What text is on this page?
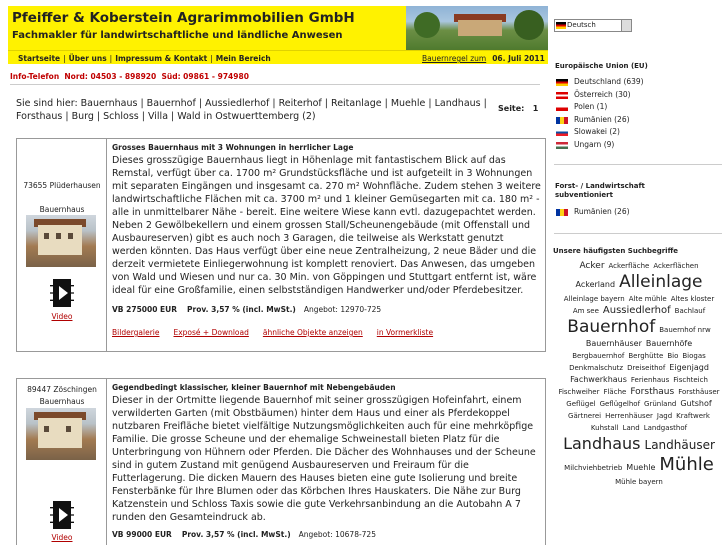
Pfeiffer & Koberstein Agrarimmobilien GmbH
Fachmakler für landwirtschaftliche und ländliche Anwesen
Startseite | Über uns | Impressum & Kontakt | Mein Bereich	Bauernregel zum 06. Juli 2011
Info-Telefon  Nord: 04503 - 898920  Süd: 09861 - 974980
Sie sind hier: Bauernhaus | Bauernhof | Aussiedlerhof | Reiterhof | Reitanlage | Muehle | Landhaus | Forsthaus | Burg | Schloss | Villa | Wald in Ostwuerttemberg (2)
Seite:   1
73655 Plüderhausen
Bauernhaus
Video
Grosses Bauernhaus mit 3 Wohnungen in herrlicher Lage
Dieses grosszügige Bauernhaus liegt in Höhenlage mit fantastischem Blick auf das Remstal, verfügt über ca. 1700 m² Grundstücksfläche und ist aufgeteilt in 3 Wohnungen mit separaten Eingängen und insgesamt ca. 270 m² Wohnfläche. Zudem stehen 3 weitere landwirtschaftliche Flächen mit ca. 3700 m² und 1 kleiner Gemüsegarten mit ca. 180 m² - alle in unmittelbarer Nähe - bereit. Eine weitere Wiese kann evtl. dazugepachtet werden. Neben 2 Gewölbekellern und einem grossen Stall/Scheunengebäude (mit Offenstall und Ausbaureserven) gibt es auch noch 3 Garagen, die teilweise als Werkstatt genutzt werden könnten. Das Haus verfügt über eine neue Zentralheizung, 2 neue Bäder und die derzeit vermietete Einliegerwohnung ist komplett renoviert. Das Anwesen, das umgeben von Wald und Wiesen und nur ca. 30 Min. von Göppingen und Stuttgart entfernt ist, wäre ideal für eine Großfamilie, einen selbstständigen Handwerker und/oder Pferdebesitzer.
VB 275000 EUR Prov. 3,57 % (incl. MwSt.) Angebot: 12970-725
Bildergalerie Exposé + Download ähnliche Objekte anzeigen in Vormerkliste
89447 Zöschingen
Bauernhaus
Video
Gegendbedingt klassischer, kleiner Bauernhof mit Nebengebäuden
Dieser in der Ortmitte liegende Bauernhof mit seiner grosszügigen Hofeinfahrt, einem verwilderten Garten (mit Obstbäumen) hinter dem Haus und einer als Pferdekoppel nutzbaren Freifläche bietet vielfältige Nutzungsmöglichkeiten auch für eine mehrköpfige Familie. Die grosse Scheune und der ehemalige Schweinestall bieten Platz für die Unterbringung von Hühnern oder Pferden. Die Dächer des Wohnhauses und der Scheune sind in gutem Zustand mit genügend Ausbaureserven und Freiraum für die Futterlagerung. Die dicken Mauern des Hauses bieten eine gute Isolierung und breite Fensterbänke für Ihre Blumen oder das Körbchen Ihres Hauskaters. Die Nähe zur Burg Katzenstein und Schloss Taxis sowie die gute Verkehrsanbindung an die Autobahn A 7 runden den Gesamteindruck ab.
VB 99000 EUR Prov. 3,57 % (incl. MwSt.) Angebot: 10678-725
Deutsch
Europäische Union (EU)
Deutschland (639)
Österreich (30)
Polen (1)
Rumänien (26)
Slowakei (2)
Ungarn (9)
Forst- / Landwirtschaft subventioniert
Rumänien (26)
Unsere häufigsten Suchbegriffe
Acker Ackerfläche AckerflächenAckerland AlleinlageAlleinlage bayern Alte mühle Altes klosterAm see Aussiedlerhof BachlaufBauernhof Bauernhof nrwBauernhäuser BauernhöfeBergbauernhof Berghütte Bio BiogasDenkmalschutz Dreiseithof EigenjagdFachwerkhaus Ferienhaus FischteichFischweiher Fläche Forsthaus ForsthäuserGeflügel Geflügelhof Grünland GutshofGärtnerei Herrenhäuser Jagd KraftwerkKuhstall Land LandgasthofLandhaus LandhäuserMilchviehbetrieb Muehle MühleMühle bayern
